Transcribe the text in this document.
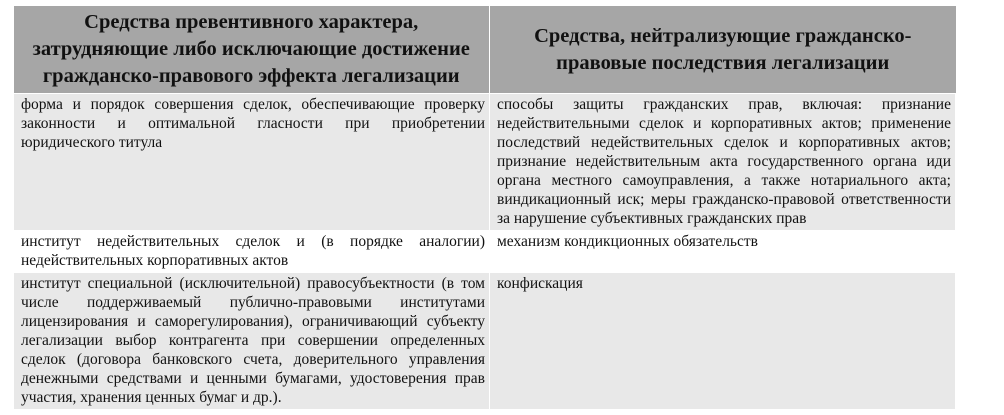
Средства превентивного характера, затрудняющие либо исключающие достижение гражданско-правового эффекта легализации	Средства, нейтрализующие гражданско-правовые последствия легализации
форма и порядок совершения сделок, обеспечивающие проверку законности и оптимальной гласности при приобретении юридического титула	способы защиты гражданских прав, включая: признание недействительными сделок и корпоративных актов; применение последствий недействительных сделок и корпоративных актов; признание недействительным акта государственного органа иди органа местного самоуправления, а также нотариального акта; виндикационный иск; меры гражданско-правовой ответственности за нарушение субъективных гражданских прав
институт недействительных сделок и (в порядке аналогии) недействительных корпоративных актов	механизм кондикционных обязательств
институт специальной (исключительной) правосубъектности (в том числе поддерживаемый публично-правовыми институтами лицензирования и саморегулирования), ограничивающий субъекту легализации выбор контрагента при совершении определенных сделок (договора банковского счета, доверительного управления денежными средствами и ценными бумагами, удостоверения прав участия, хранения ценных бумаг и др.).	конфискация
